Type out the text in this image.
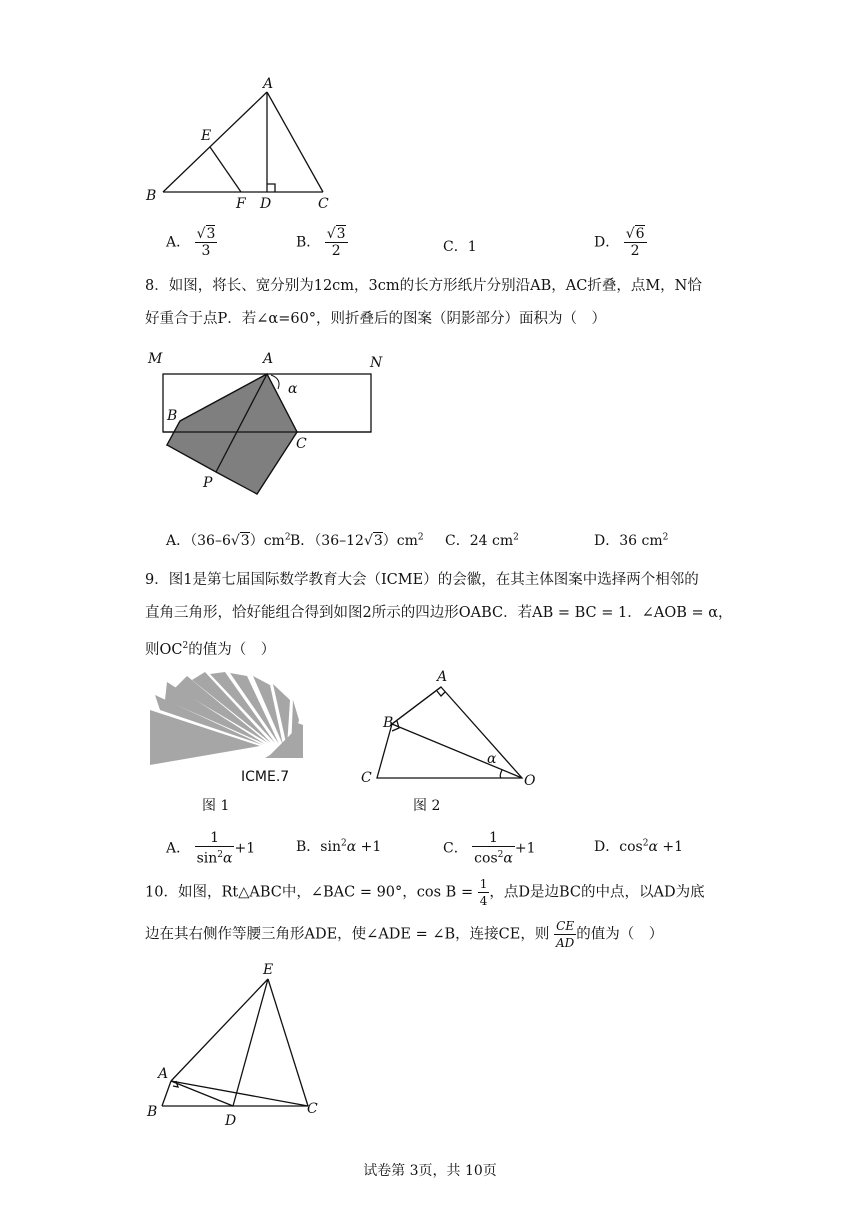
A
B	C
D
E
F
A． $\frac{√3}{3}$	B． $\frac{√3}{2}$	C．1	D． $\frac{√6}{2}$
8．如图，将长、宽分别为12cm，3cm的长方形纸片分别沿AB，AC折叠，点M，N恰
好重合于点P．若∠α=60°，则折叠后的图案（阴影部分）面积为（　）
M	N
A
B
C
P
α
A．$(36-6√3)cm^2$ B．$(36-12√3)cm^2$ C．24 $cm^2$	D．36 $cm^2$
9．图1是第七届国际数学教育大会（ICME）的会徽，在其主体图案中选择两个相邻的
直角三角形，恰好能组合得到如图2所示的四边形OABC．若AB = BC = 1．∠AOB = α，
则$OC^2$的值为（　）
ICME.7
图 1
A
B
C	O
α
图 2
A． $\frac{1}{\sin^2\alpha} +1$	B．$\sin^2\alpha +1$	C． $\frac{1}{\cos^2\alpha} +1$	D．$\cos^2\alpha +1$
10．如图，Rt△ABC中，∠BAC = 90°，$\cos B = \frac{1}{4}$ ，点D是边BC的中点，以AD为底
边在其右侧作等腰三角形ADE，使∠ADE = ∠B，连接CE，则 $\frac{CE}{AD}$ 的值为（　）
E
A
B
D
C
试卷第 3页，共 10页
